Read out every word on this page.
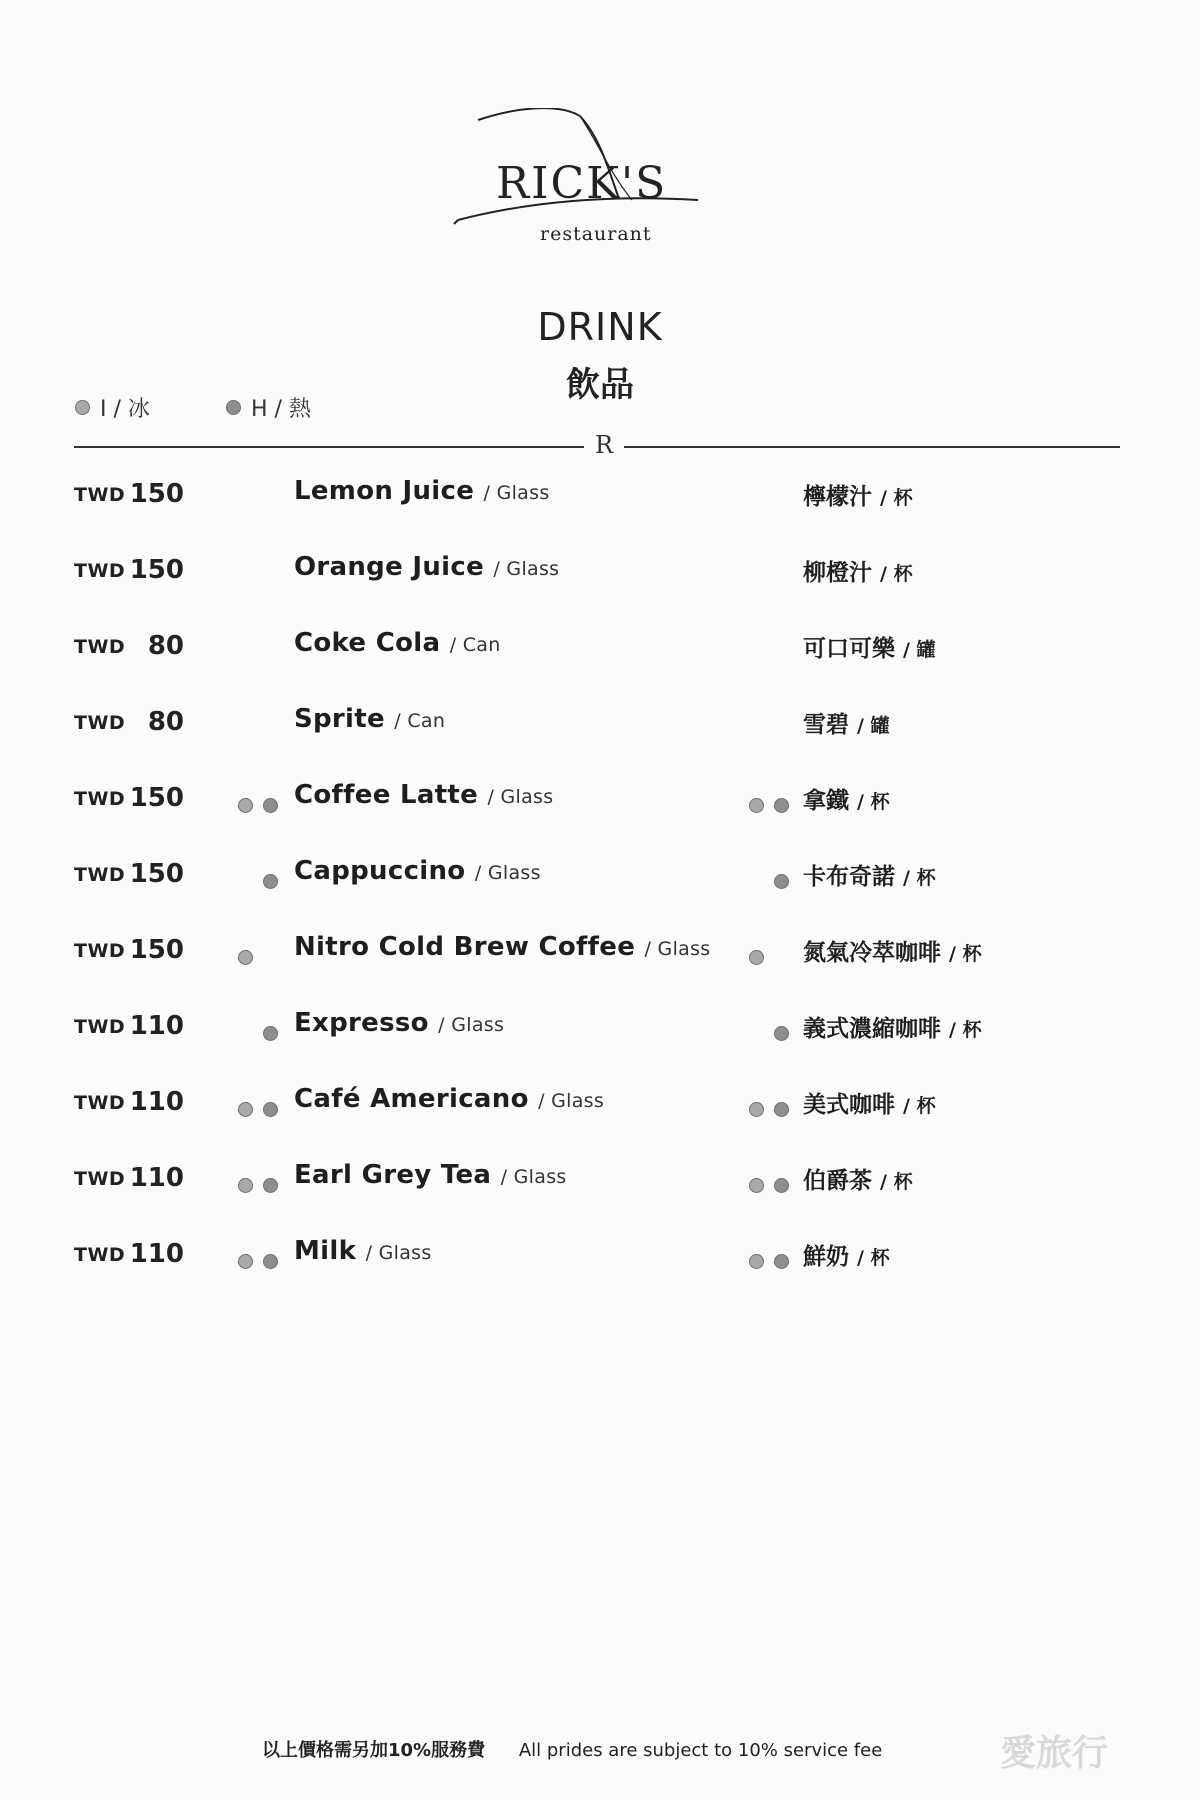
RICK'S
restaurant
DRINK
飲品
I / 冰	H / 熱
R
TWD 150	Lemon Juice / Glass	檸檬汁 / 杯
TWD 150	Orange Juice / Glass	柳橙汁 / 杯
TWD 80	Coke Cola / Can	可口可樂 / 罐
TWD 80	Sprite / Can	雪碧 / 罐
TWD 150	Coffee Latte / Glass	拿鐵 / 杯
TWD 150	Cappuccino / Glass	卡布奇諾 / 杯
TWD 150	Nitro Cold Brew Coffee / Glass	氮氣冷萃咖啡 / 杯
TWD 110	Expresso / Glass	義式濃縮咖啡 / 杯
TWD 110	Café Americano / Glass	美式咖啡 / 杯
TWD 110	Earl Grey Tea / Glass	伯爵茶 / 杯
TWD 110	Milk / Glass	鮮奶 / 杯
以上價格需另加10%服務費 All prides are subject to 10% service fee	愛旅行
